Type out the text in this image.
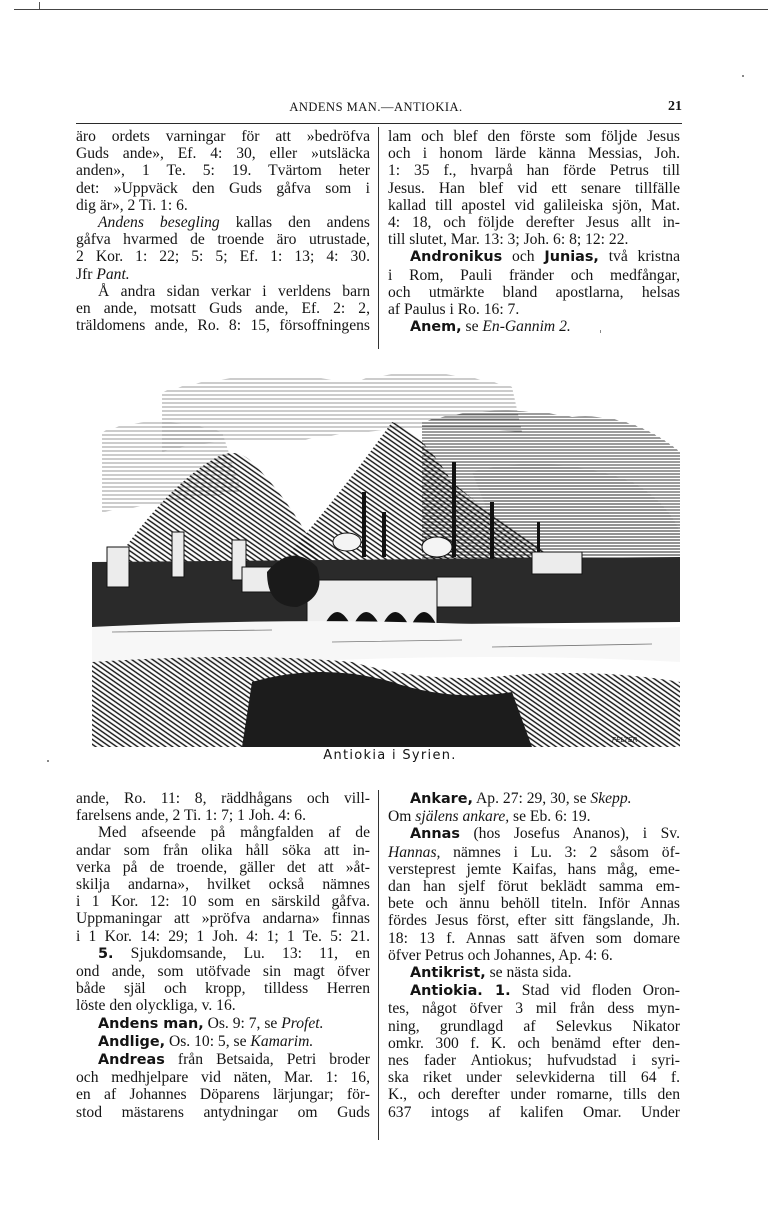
ANDENS MAN.—ANTIOKIA.	21
äro ordets varningar för att »bedröfva
Guds ande», Ef. 4: 30, eller »utsläcka
anden», 1 Te. 5: 19. Tvärtom heter
det: »Uppväck den Guds gåfva som i
dig är», 2 Ti. 1: 6.
Andens besegling kallas den andens
gåfva hvarmed de troende äro utrustade,
2 Kor. 1: 22; 5: 5; Ef. 1: 13; 4: 30.
Jfr Pant.
Å andra sidan verkar i verldens barn
en ande, motsatt Guds ande, Ef. 2: 2,
träldomens ande, Ro. 8: 15, försoffningens
lam och blef den förste som följde Jesus
och i honom lärde känna Messias, Joh.
1: 35 f., hvarpå han förde Petrus till
Jesus. Han blef vid ett senare tillfälle
kallad till apostel vid galileiska sjön, Mat.
4: 18, och följde derefter Jesus allt in-
till slutet, Mar. 13: 3; Joh. 6: 8; 12: 22.
Andronikus och Junias, två kristna
i Rom, Pauli fränder och medfångar,
och utmärkte bland apostlarna, helsas
af Paulus i Ro. 16: 7.
Anem, se En-Gannim 2.
FELTER
Antiokia i Syrien.
ande, Ro. 11: 8, räddhågans och vill-
farelsens ande, 2 Ti. 1: 7; 1 Joh. 4: 6.
Med afseende på mångfalden af de
andar som från olika håll söka att in-
verka på de troende, gäller det att »åt-
skilja andarna», hvilket också nämnes
i 1 Kor. 12: 10 som en särskild gåfva.
Uppmaningar att »pröfva andarna» finnas
i 1 Kor. 14: 29; 1 Joh. 4: 1; 1 Te. 5: 21.
5. Sjukdomsande, Lu. 13: 11, en
ond ande, som utöfvade sin magt öfver
både själ och kropp, tilldess Herren
löste den olyckliga, v. 16.
Andens man, Os. 9: 7, se Profet.
Andlige, Os. 10: 5, se Kamarim.
Andreas från Betsaida, Petri broder
och medhjelpare vid näten, Mar. 1: 16,
en af Johannes Döparens lärjungar; för-
stod mästarens antydningar om Guds
Ankare, Ap. 27: 29, 30, se Skepp.
Om själens ankare, se Eb. 6: 19.
Annas (hos Josefus Ananos), i Sv.
Hannas, nämnes i Lu. 3: 2 såsom öf-
versteprest jemte Kaifas, hans måg, eme-
dan han sjelf förut beklädt samma em-
bete och ännu behöll titeln. Inför Annas
fördes Jesus först, efter sitt fängslande, Jh.
18: 13 f. Annas satt äfven som domare
öfver Petrus och Johannes, Ap. 4: 6.
Antikrist, se nästa sida.
Antiokia. 1. Stad vid floden Oron-
tes, något öfver 3 mil från dess myn-
ning, grundlagd af Selevkus Nikator
omkr. 300 f. K. och benämd efter den-
nes fader Antiokus; hufvudstad i syri-
ska riket under selevkiderna till 64 f.
K., och derefter under romarne, tills den
637 intogs af kalifen Omar. Under
